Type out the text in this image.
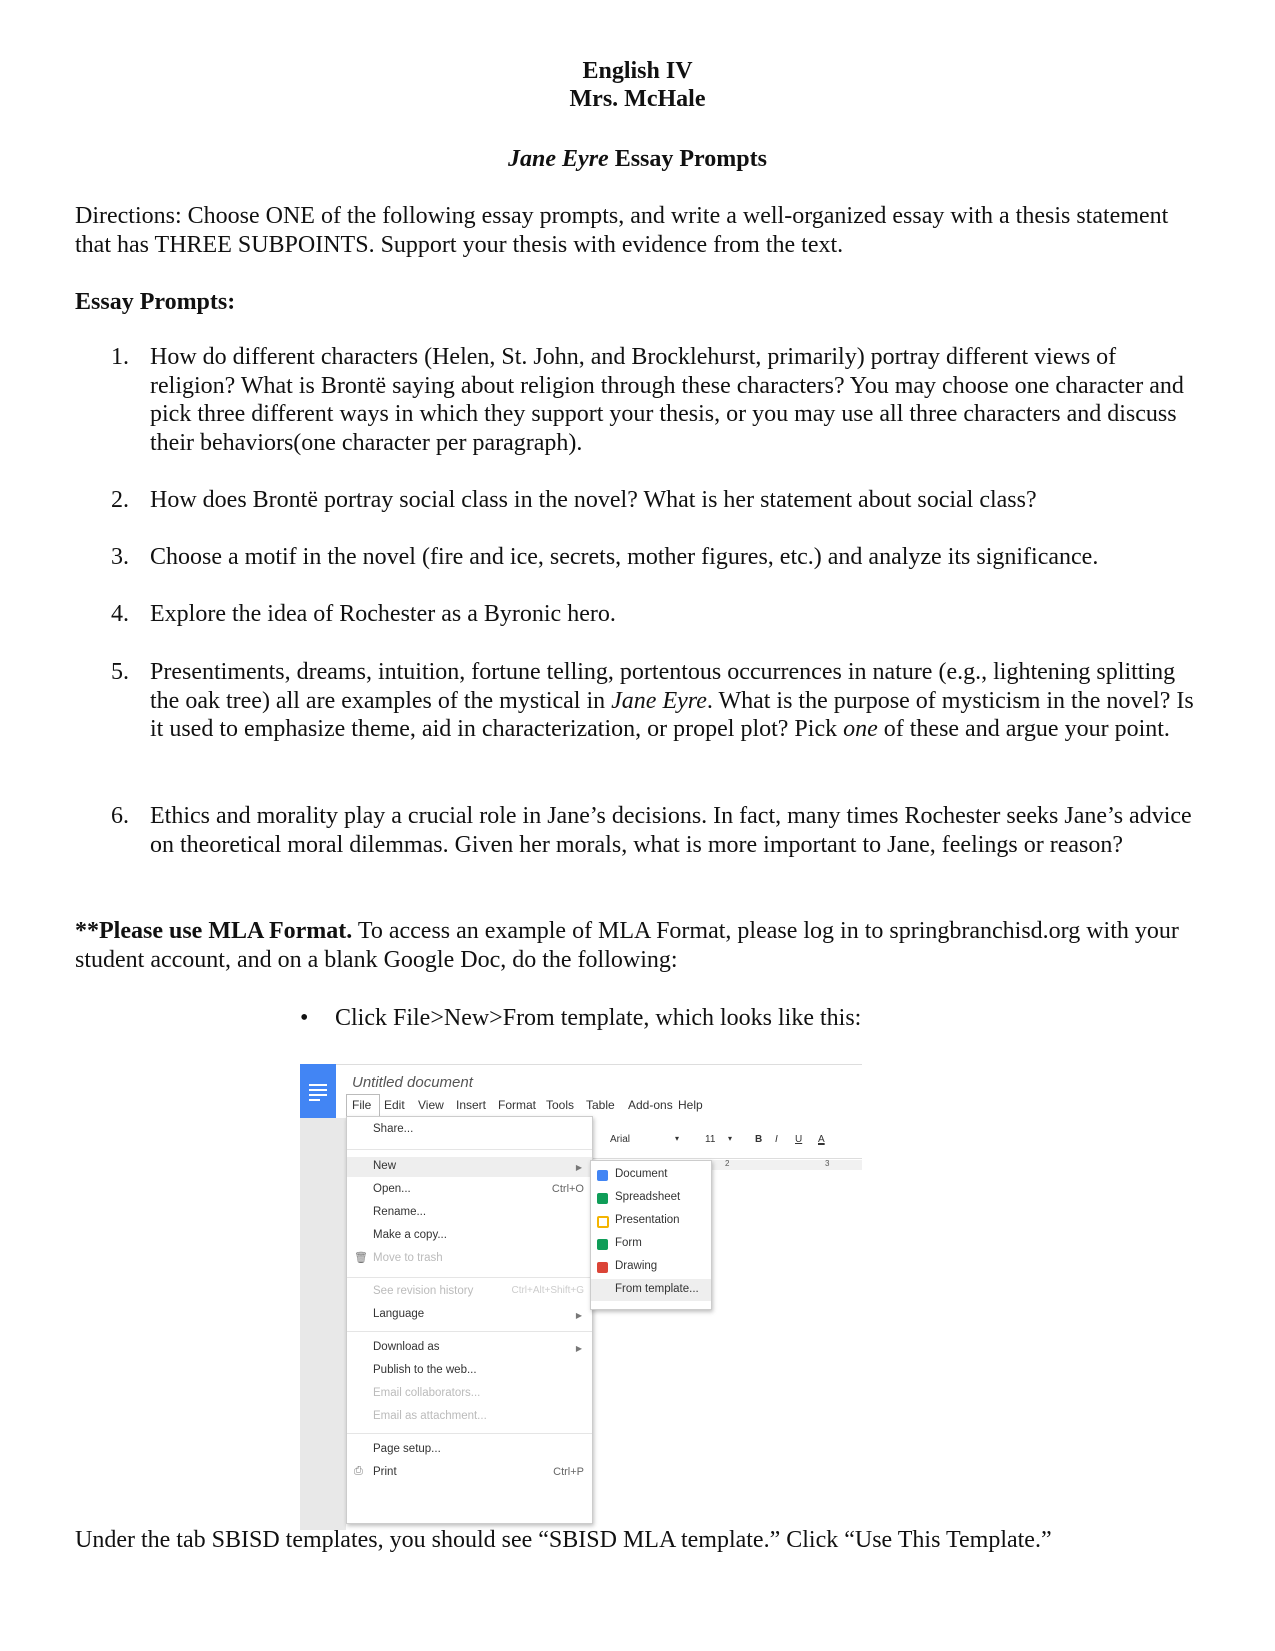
English IV
Mrs. McHale
Jane Eyre Essay Prompts
Directions: Choose ONE of the following essay prompts, and write a well-organized essay with a thesis statement that has THREE SUBPOINTS. Support your thesis with evidence from the text.
Essay Prompts:
1. How do different characters (Helen, St. John, and Brocklehurst, primarily) portray different views of religion? What is Brontë saying about religion through these characters? You may choose one character and pick three different ways in which they support your thesis, or you may use all three characters and discuss their behaviors(one character per paragraph).
2. How does Brontë portray social class in the novel? What is her statement about social class?
3. Choose a motif in the novel (fire and ice, secrets, mother figures, etc.) and analyze its significance.
4. Explore the idea of Rochester as a Byronic hero.
5. Presentiments, dreams, intuition, fortune telling, portentous occurrences in nature (e.g., lightening splitting the oak tree) all are examples of the mystical in Jane Eyre. What is the purpose of mysticism in the novel? Is it used to emphasize theme, aid in characterization, or propel plot? Pick one of these and argue your point.
6. Ethics and morality play a crucial role in Jane’s decisions. In fact, many times Rochester seeks Jane’s advice on theoretical moral dilemmas. Given her morals, what is more important to Jane, feelings or reason?
**Please use MLA Format. To access an example of MLA Format, please log in to springbranchisd.org with your student account, and on a blank Google Doc, do the following:
• Click File>New>From template, which looks like this:
Untitled document
File Edit View Insert Format Tools Table Add-ons Help
Arial	▾	11 ▾ B I U A
2	3
Share...
New	▶
Open...	Ctrl+O
Rename...
Make a copy...
🗑 Move to trash
See revision history	Ctrl+Alt+Shift+G
Language	▶
Download as	▶
Publish to the web...
Email collaborators...
Email as attachment...
Page setup...
⎙ Print	Ctrl+P
Document
Spreadsheet
Presentation
Form
Drawing
From template...
Under the tab SBISD templates, you should see “SBISD MLA template.” Click “Use This Template.”
